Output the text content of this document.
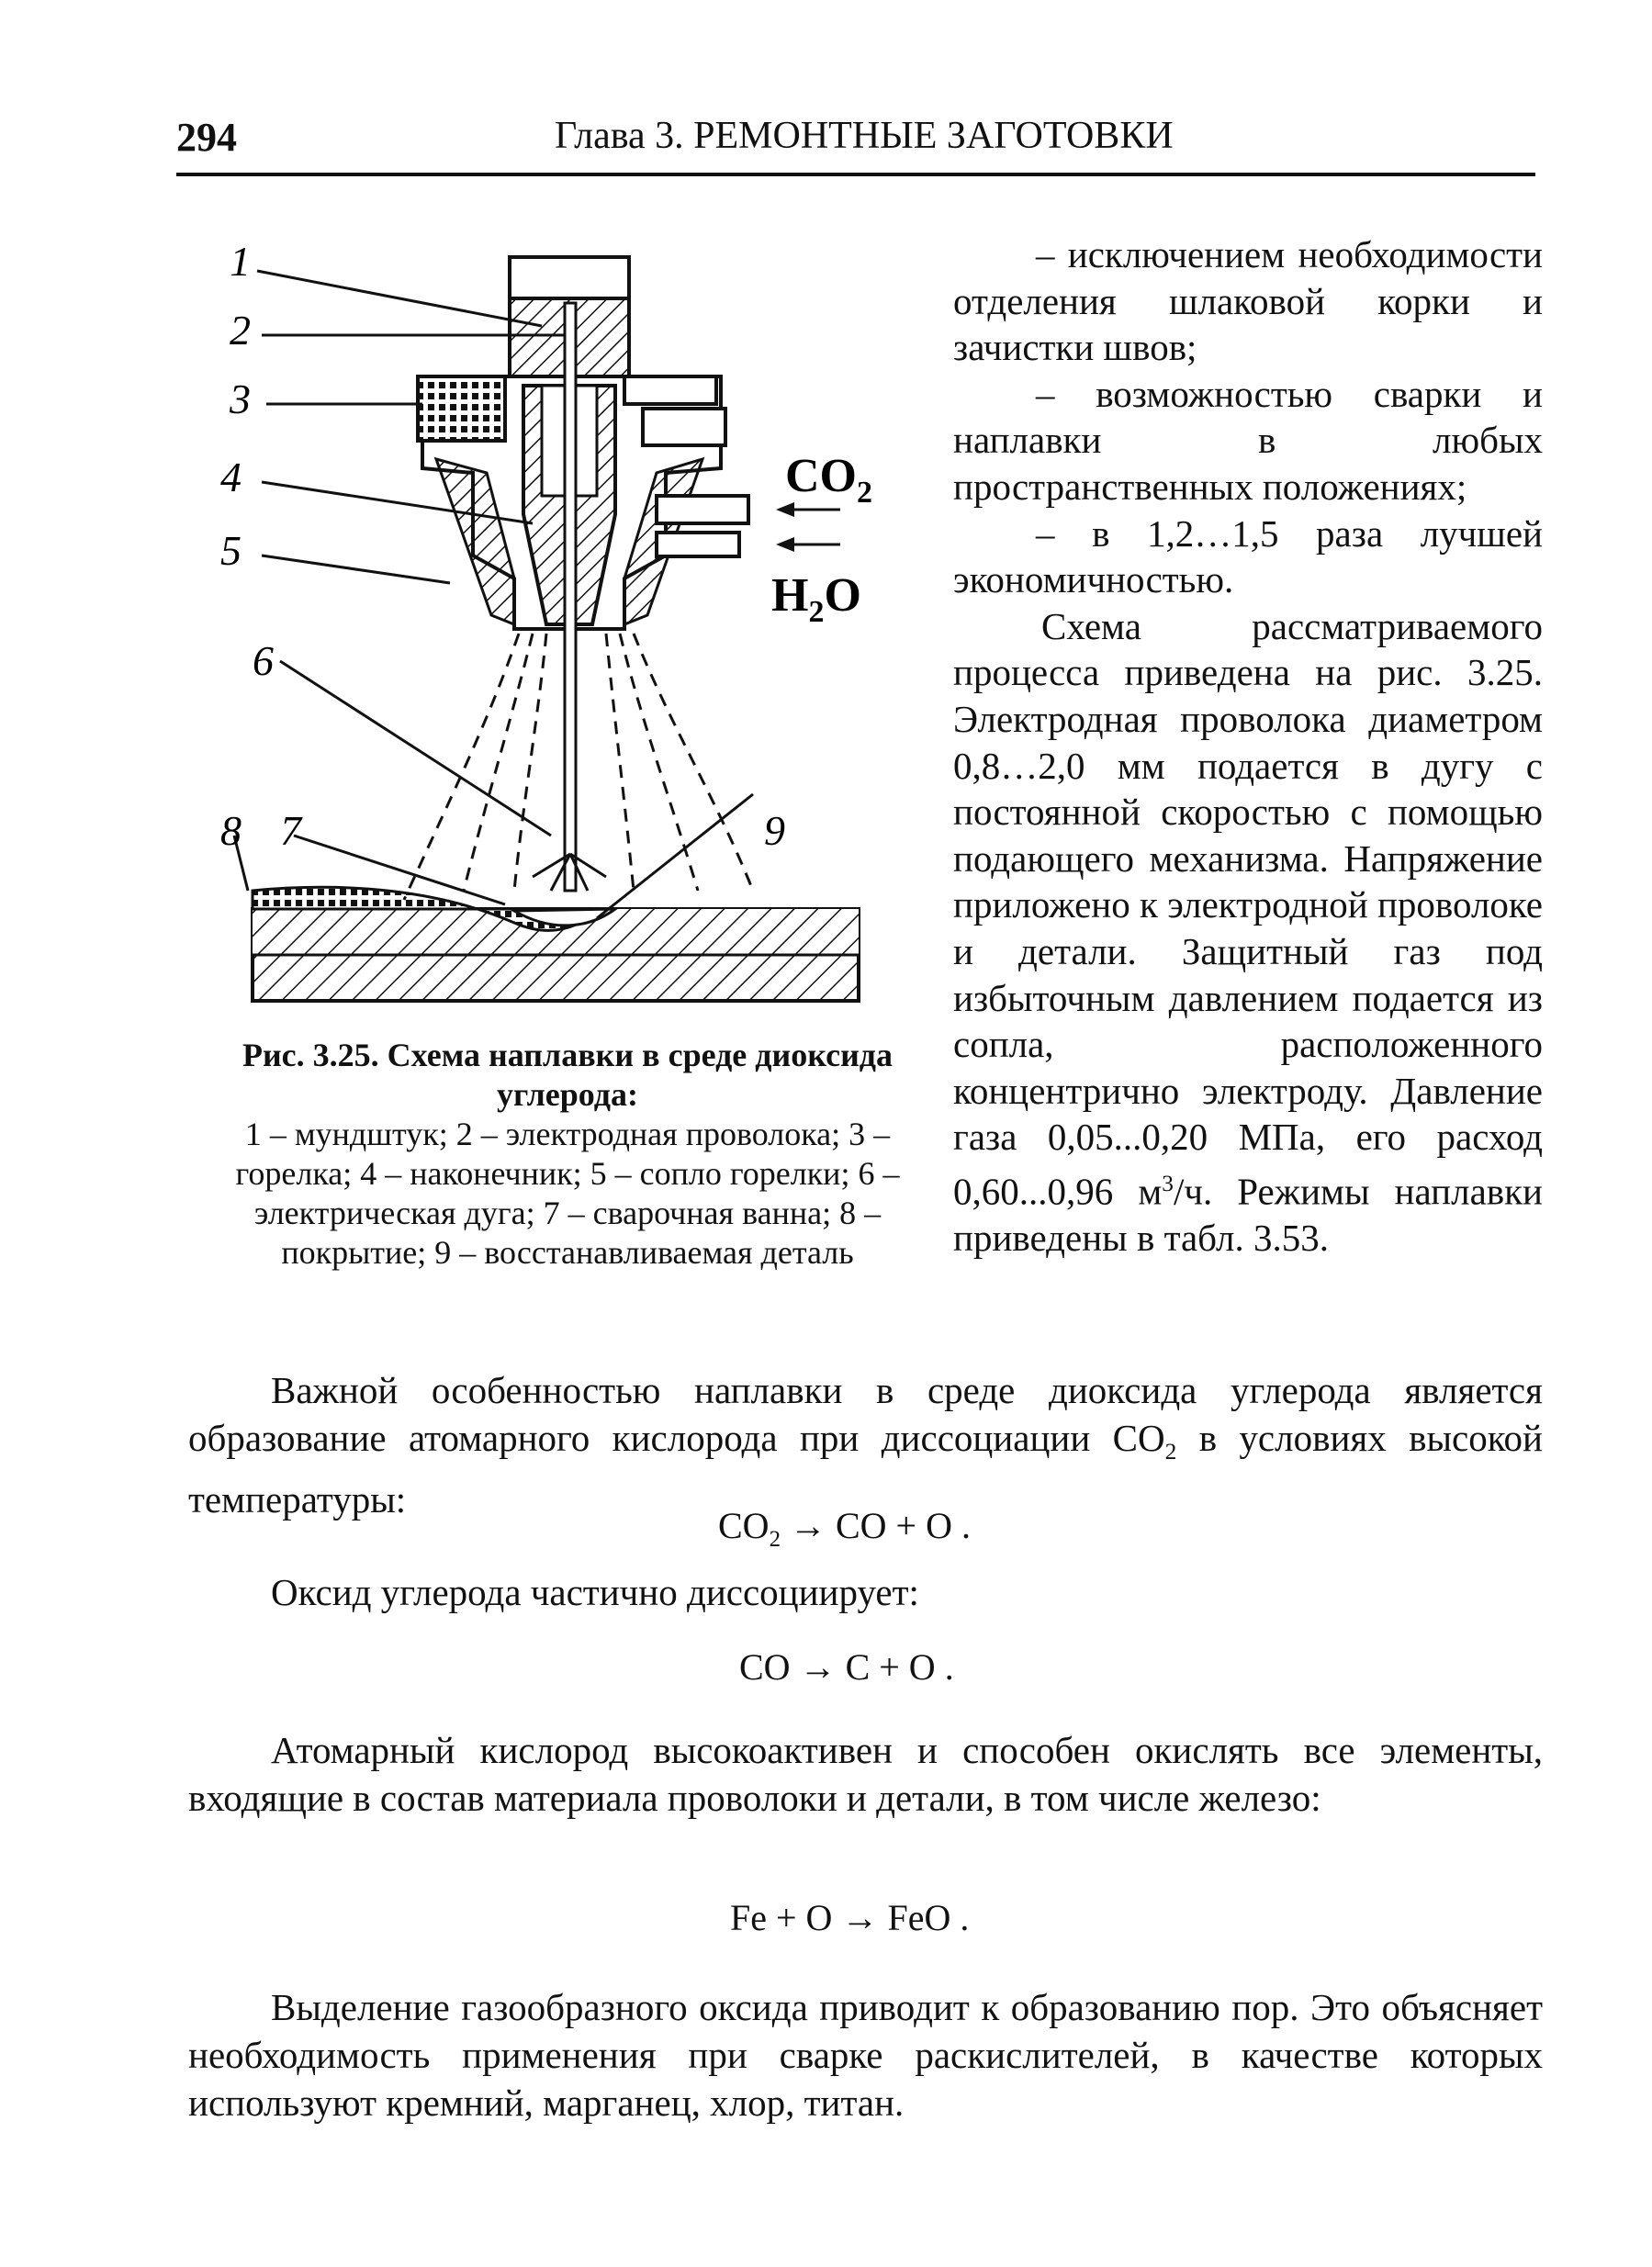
294	Глава 3. РЕМОНТНЫЕ ЗАГОТОВКИ
1
2
3
4
5
6
7
8	9
$CO_2$
$H_2O$
Рис. 3.25. Схема наплавки в среде диоксида углерода:
1 – мундштук; 2 – электродная проволока; 3 – горелка; 4 – наконечник; 5 – сопло горелки; 6 – электрическая дуга; 7 – сварочная ванна; 8 – покрытие; 9 – восстанавливаемая деталь

– исключением необходимости отделения шлаковой корки и зачистки швов;

– возможностью сварки и наплавки в любых пространственных положениях;

– в 1,2…1,5 раза лучшей экономичностью.

Схема рассматриваемого процесса приведена на рис. 3.25. Электродная проволока диаметром 0,8…2,0 мм подается в дугу с постоянной скоростью с помощью подающего механизма. Напряжение приложено к электродной проволоке и детали. Защитный газ под избыточным давлением подается из сопла, расположенного концентрично электроду. Давление газа 0,05...0,20 МПа, его расход 0,60...0,96 $м^3/ч$. Режимы наплавки приведены в табл. 3.53.

Важной особенностью наплавки в среде диоксида углерода является образование атомарного кислорода при диссоциации $СО_2$ в условиях высокой температуры:

$CO_2$ → CO + O .

Оксид углерода частично диссоциирует:

CO → C + O .

Атомарный кислород высокоактивен и способен окислять все элементы, входящие в состав материала проволоки и детали, в том числе железо:

Fe + O → FeO .

Выделение газообразного оксида приводит к образованию пор. Это объясняет необходимость применения при сварке раскислителей, в качестве которых используют кремний, марганец, хлор, титан.
